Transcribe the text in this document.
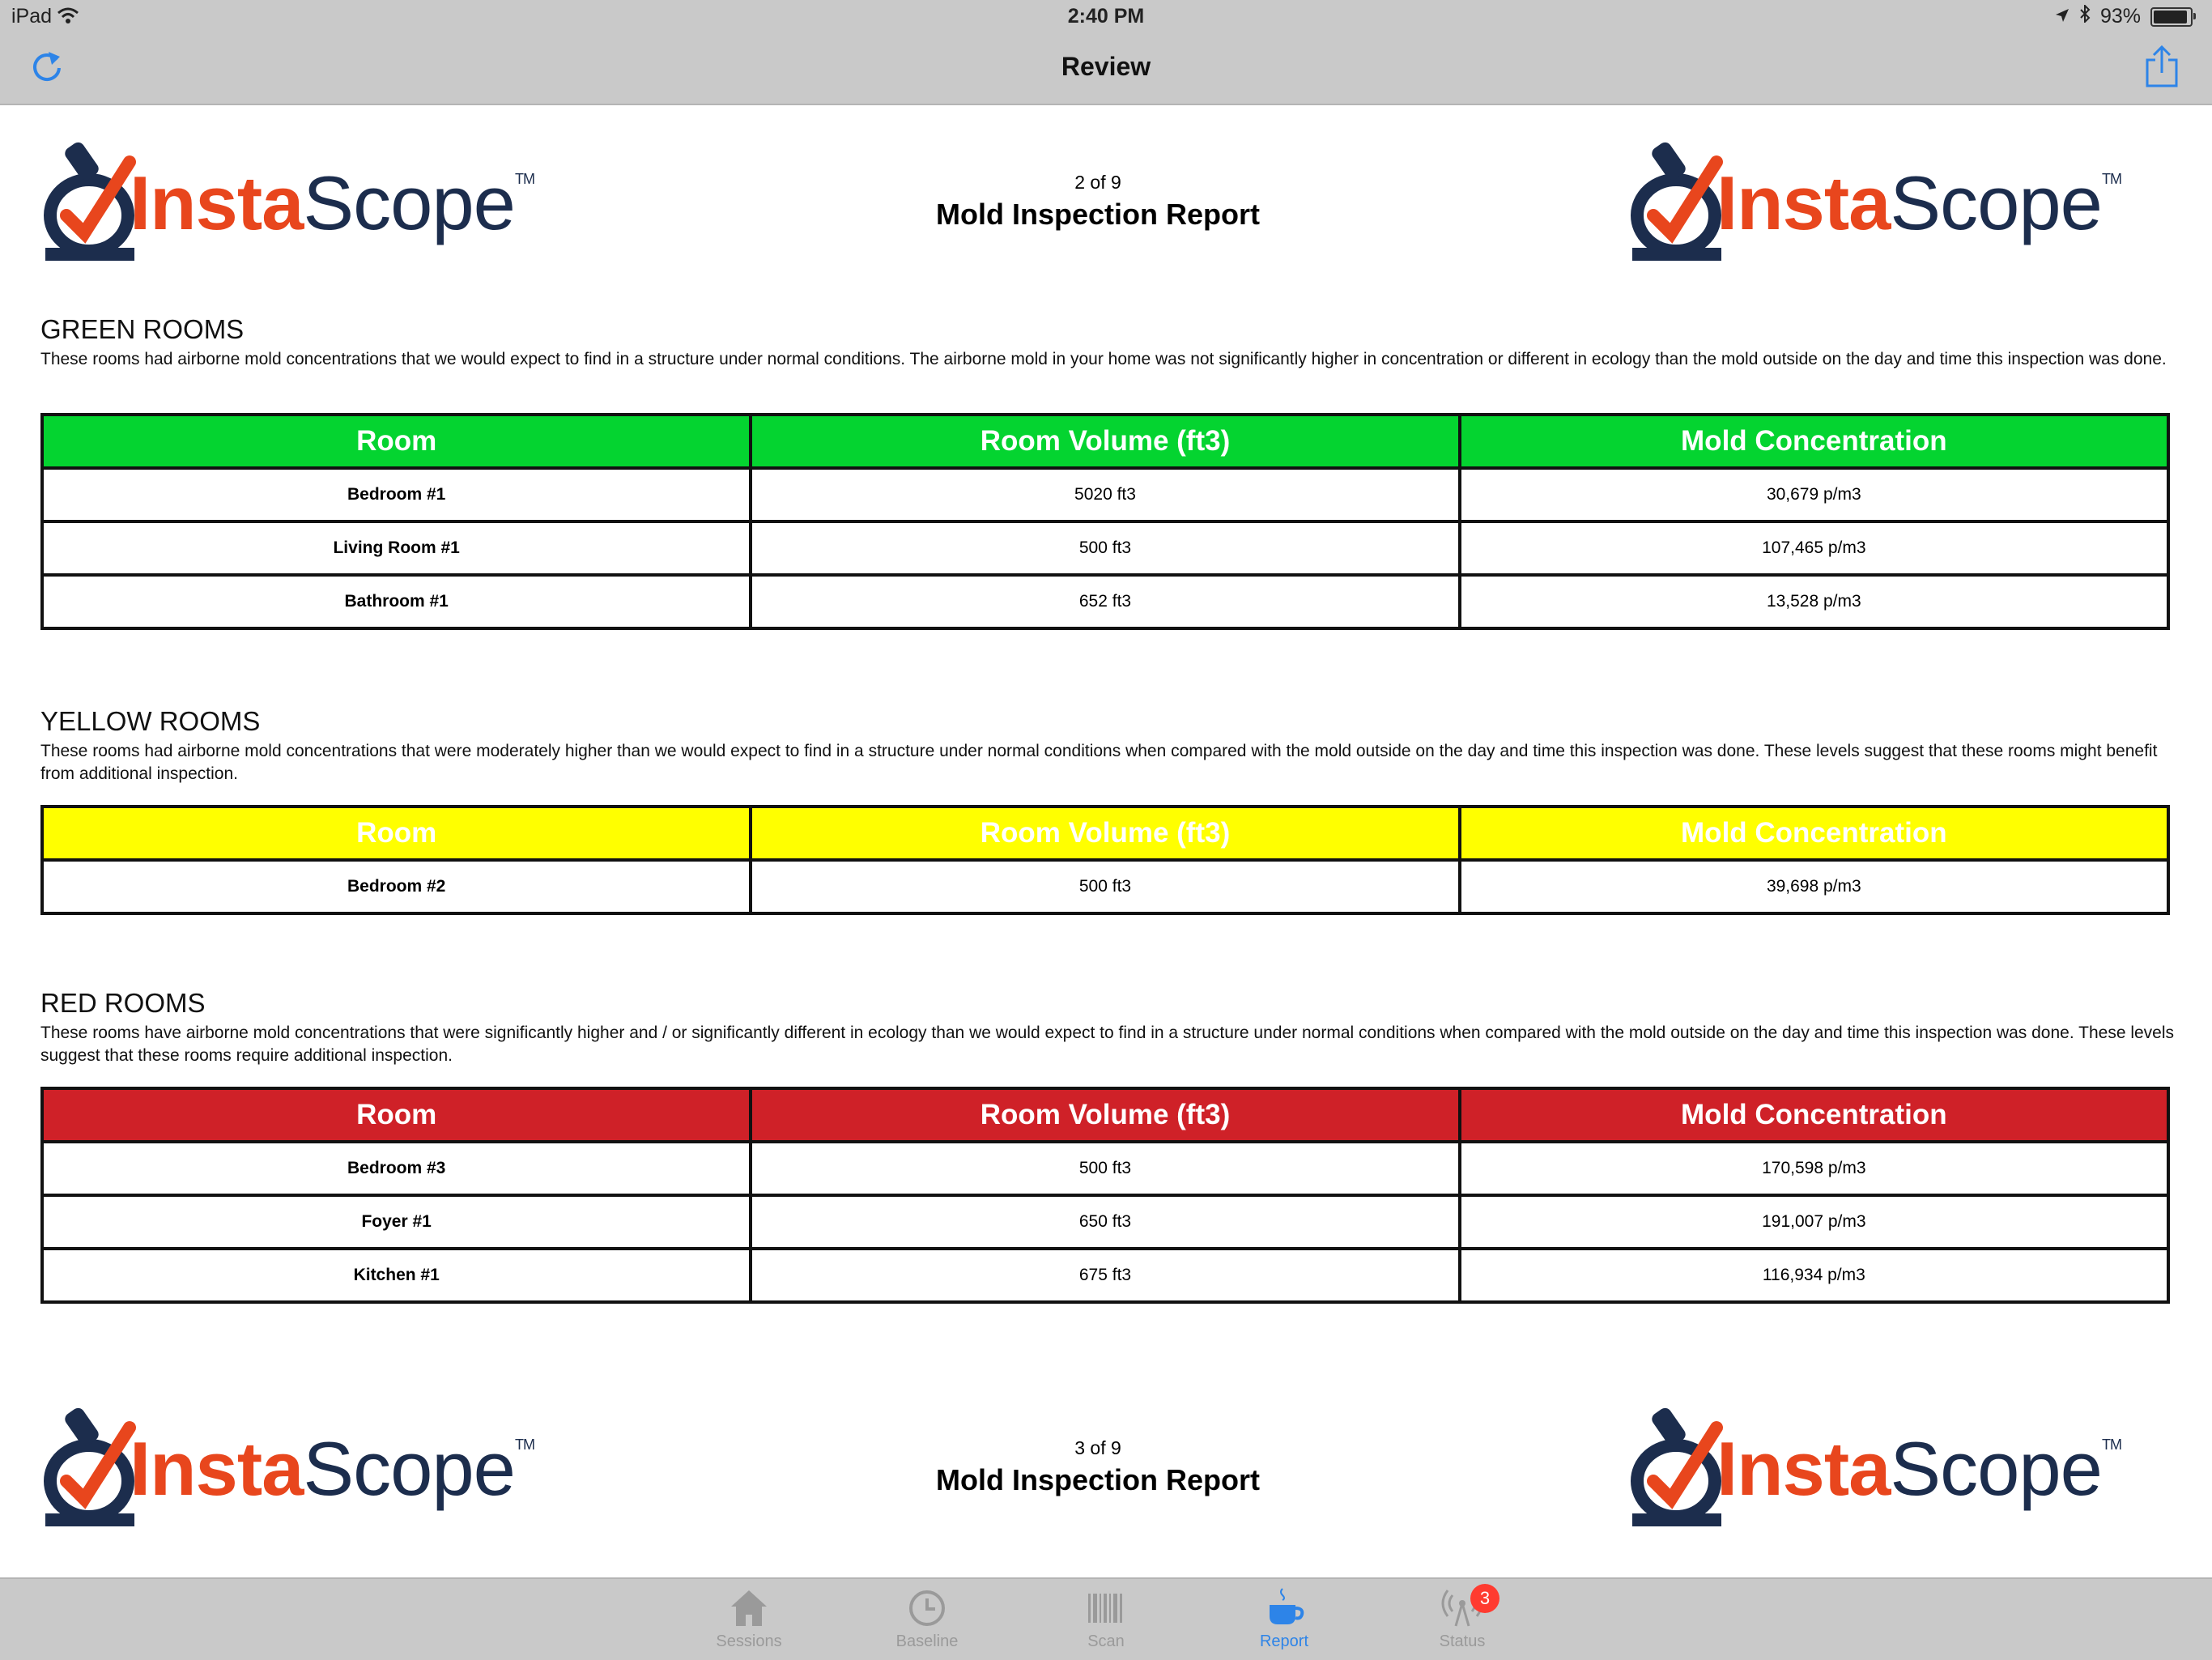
iPad	2:40 PM	93%
Review
InstaScope™	2 of 9
Mold Inspection Report	InstaScope™
GREEN ROOMS
These rooms had airborne mold concentrations that we would expect to find in a structure under normal conditions. The airborne mold in your home was not significantly higher in concentration or different in ecology than the mold outside on the day and time this inspection was done.
Room	Room Volume (ft3)	Mold Concentration
Bedroom #1	5020 ft3	30,679 p/m3
Living Room #1	500 ft3	107,465 p/m3
Bathroom #1	652 ft3	13,528 p/m3
YELLOW ROOMS
These rooms had airborne mold concentrations that were moderately higher than we would expect to find in a structure under normal conditions when compared with the mold outside on the day and time this inspection was done. These levels suggest that these rooms might benefit from additional inspection.
Room	Room Volume (ft3)	Mold Concentration
Bedroom #2	500 ft3	39,698 p/m3
RED ROOMS
These rooms have airborne mold concentrations that were significantly higher and / or significantly different in ecology than we would expect to find in a structure under normal conditions when compared with the mold outside on the day and time this inspection was done. These levels suggest that these rooms require additional inspection.
Room	Room Volume (ft3)	Mold Concentration
Bedroom #3	500 ft3	170,598 p/m3
Foyer #1	650 ft3	191,007 p/m3
Kitchen #1	675 ft3	116,934 p/m3
InstaScope™	3 of 9
Mold Inspection Report	InstaScope™
Sessions	Baseline	Scan	Report
3
Status
